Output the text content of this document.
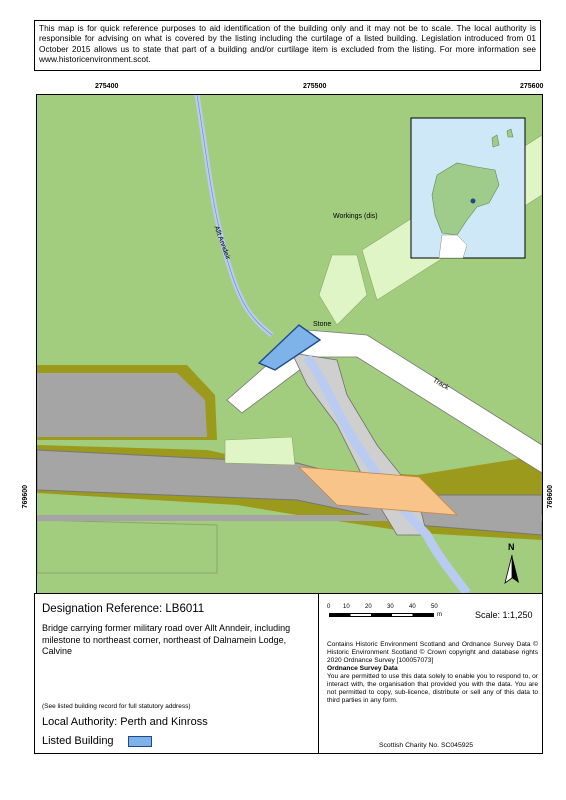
This map is for quick reference purposes to aid identification of the building only and it may not be to scale. The local authority is responsible for advising on what is covered by the listing including the curtilage of a listed building. Legislation introduced from 01 October 2015 allows us to state that part of a building and/or curtilage item is excluded from the listing. For more information see www.historicenvironment.scot.
275400	275500	275600
769600	769600
Allt Anndeir
Workings (dis)
Stone
Track
N
Designation Reference: LB6011
Bridge carrying former military road over Allt Anndeir, including milestone to northeast corner, northeast of Dalnamein Lodge, Calvine
(See listed building record for full statutory address)
Local Authority: Perth and Kinross
Listed Building
0 10	20	30	40	50
m	Scale: 1:1,250
Contains Historic Environment Scotland and Ordnance Survey Data © Historic Environment Scotland © Crown copyright and database rights 2020 Ordnance Survey [100057073]
Ordnance Survey Data
You are permitted to use this data solely to enable you to respond to, or interact with, the organisation that provided you with the data. You are not permitted to copy, sub-licence, distribute or sell any of this data to third parties in any form.
Scottish Charity No. SC045925
